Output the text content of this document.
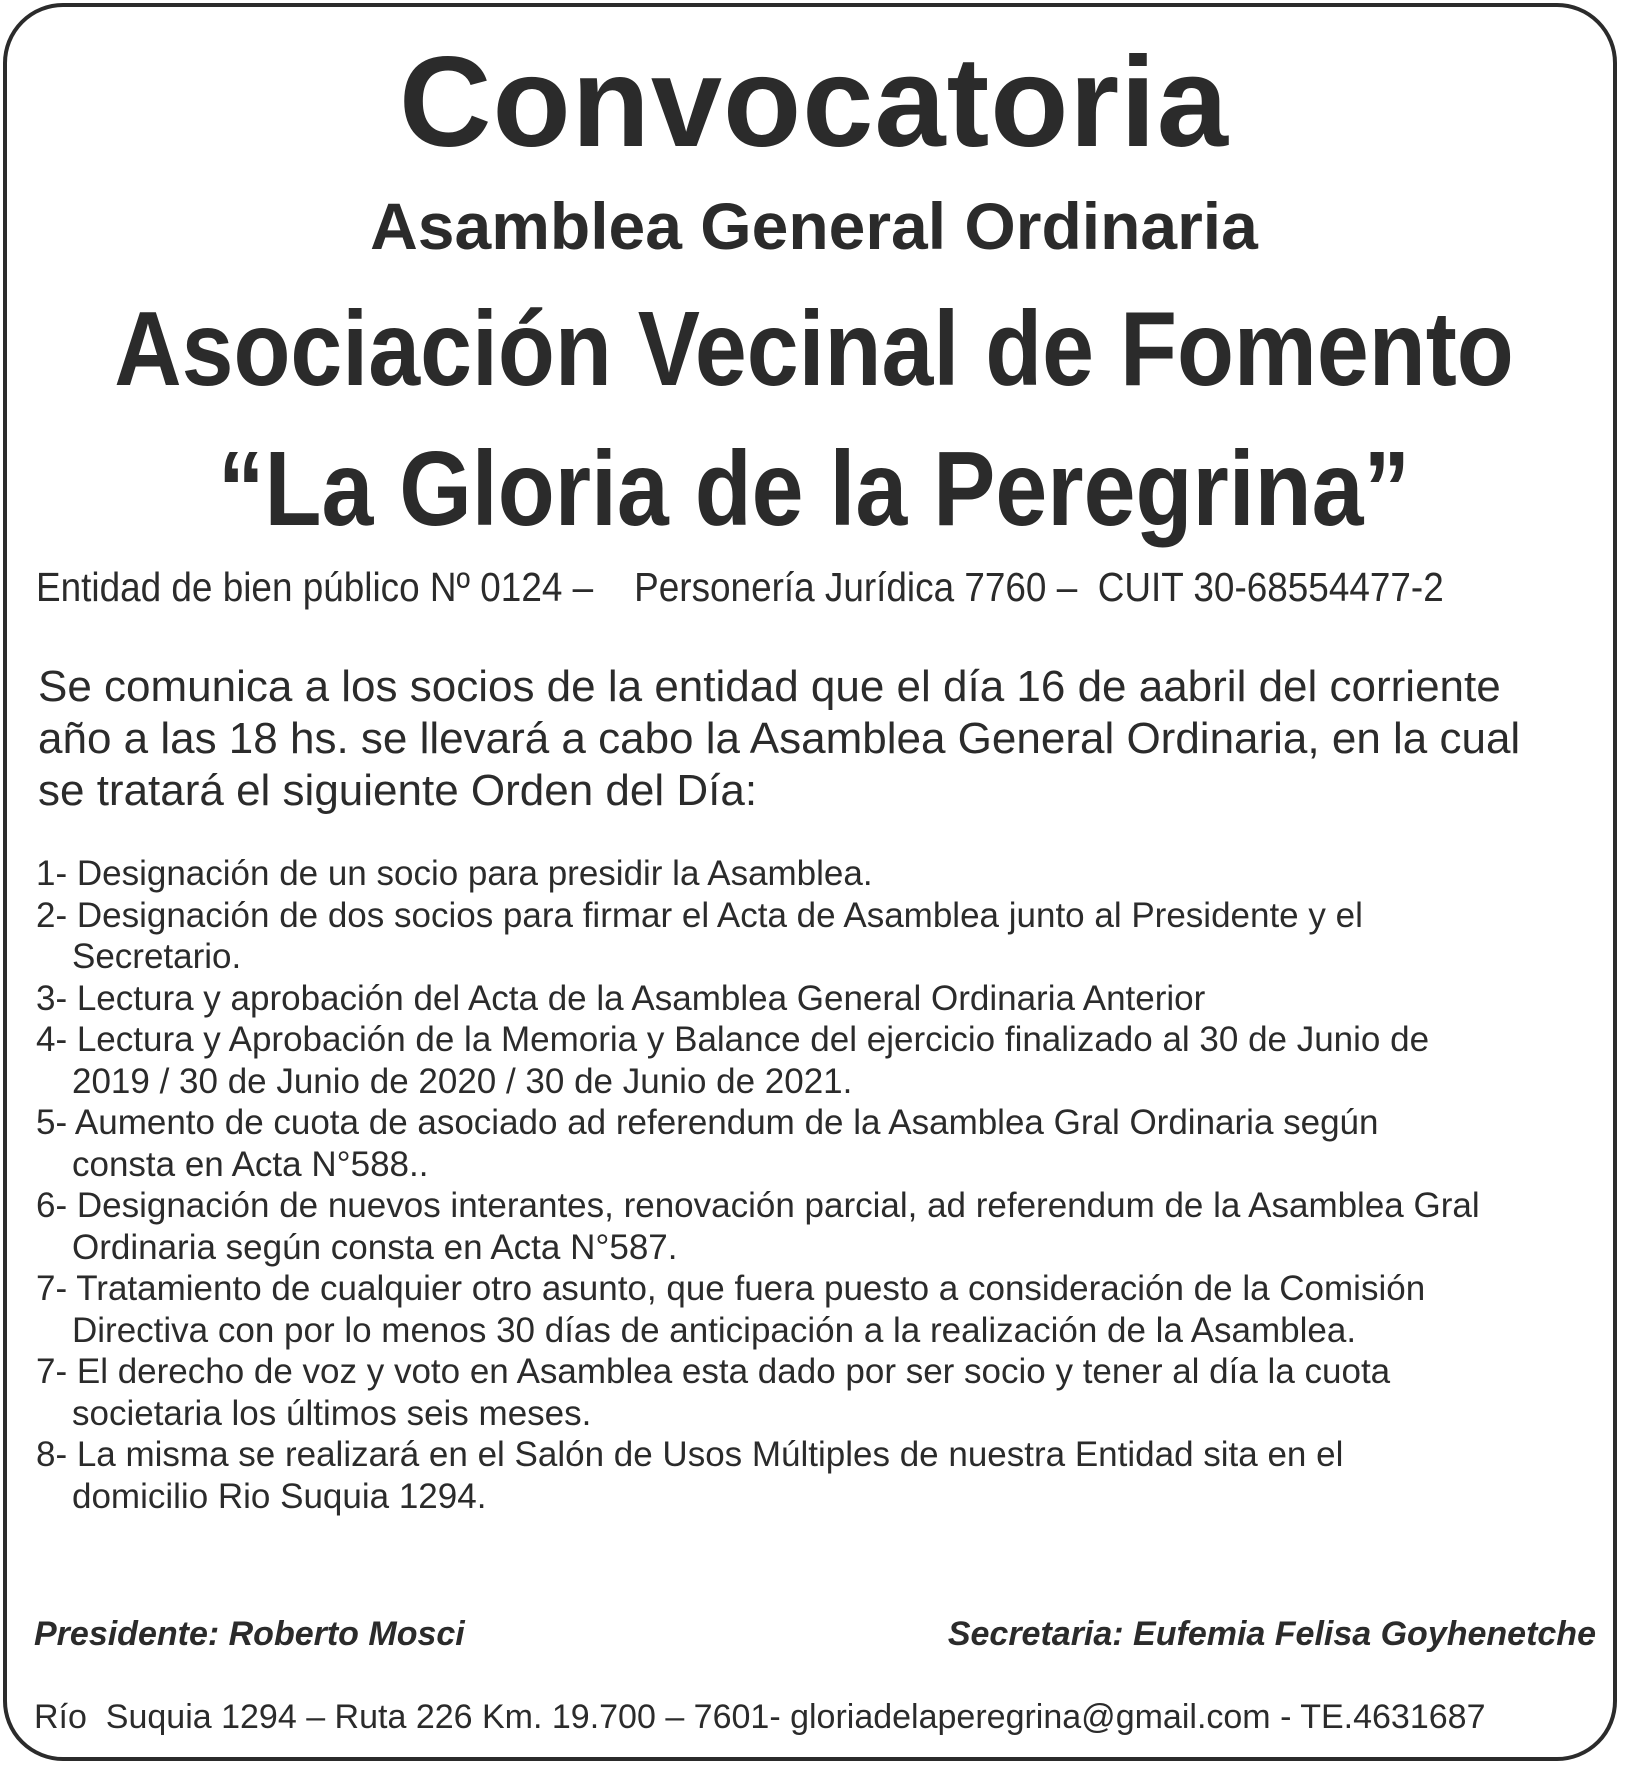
Convocatoria
Asamblea General Ordinaria
Asociación Vecinal de Fomento
“La Gloria de la Peregrina”
Entidad de bien público Nº 0124 –    Personería Jurídica 7760 –  CUIT 30-68554477-2
Se comunica a los socios de la entidad que el día 16 de aabril del corriente
año a las 18 hs. se llevará a cabo la Asamblea General Ordinaria, en la cual
se tratará el siguiente Orden del Día:
1- Designación de un socio para presidir la Asamblea.
2- Designación de dos socios para firmar el Acta de Asamblea junto al Presidente y el
Secretario.
3- Lectura y aprobación del Acta de la Asamblea General Ordinaria Anterior
4- Lectura y Aprobación de la Memoria y Balance del ejercicio finalizado al 30 de Junio de
2019 / 30 de Junio de 2020 / 30 de Junio de 2021.
5- Aumento de cuota de asociado ad referendum de la Asamblea Gral Ordinaria según
consta en Acta N°588..
6- Designación de nuevos interantes, renovación parcial, ad referendum de la Asamblea Gral
Ordinaria según consta en Acta N°587.
7- Tratamiento de cualquier otro asunto, que fuera puesto a consideración de la Comisión
Directiva con por lo menos 30 días de anticipación a la realización de la Asamblea.
7- El derecho de voz y voto en Asamblea esta dado por ser socio y tener al día la cuota
societaria los últimos seis meses.
8- La misma se realizará en el Salón de Usos Múltiples de nuestra Entidad sita en el
domicilio Rio Suquia 1294.
Presidente: Roberto Mosci	Secretaria: Eufemia Felisa Goyhenetche
Río  Suquia 1294 – Ruta 226 Km. 19.700 – 7601- gloriadelaperegrina@gmail.com - TE.4631687
